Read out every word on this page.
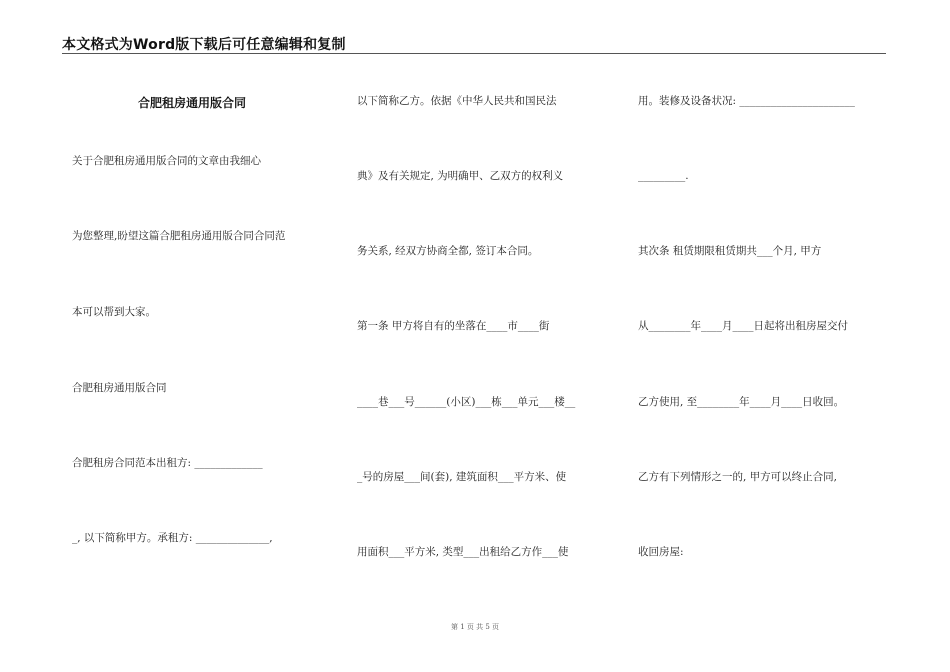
本文格式为Word版下载后可任意编辑和复制
合肥租房通用版合同
关于合肥租房通用版合同的文章由我细心
为您整理,盼望这篇合肥租房通用版合同合同范
本可以帮到大家。
合肥租房通用版合同
合肥租房合同范本出租方: _____________
_, 以下简称甲方。承租方: ______________,
以下简称乙方。依据《中华人民共和国民法
典》及有关规定, 为明确甲、乙双方的权利义
务关系, 经双方协商全都, 签订本合同。
第一条 甲方将自有的坐落在____市____街
____巷___号______(小区)___栋___单元___楼__
_号的房屋___间(套), 建筑面积___平方米、使
用面积___平方米, 类型___出租给乙方作___使
用。装修及设备状况: ______________________
_________.
其次条 租赁期限租赁期共___个月, 甲方
从________年____月____日起将出租房屋交付
乙方使用, 至________年____月____日收回。
乙方有下列情形之一的, 甲方可以终止合同,
收回房屋:
第 1 页 共 5 页
